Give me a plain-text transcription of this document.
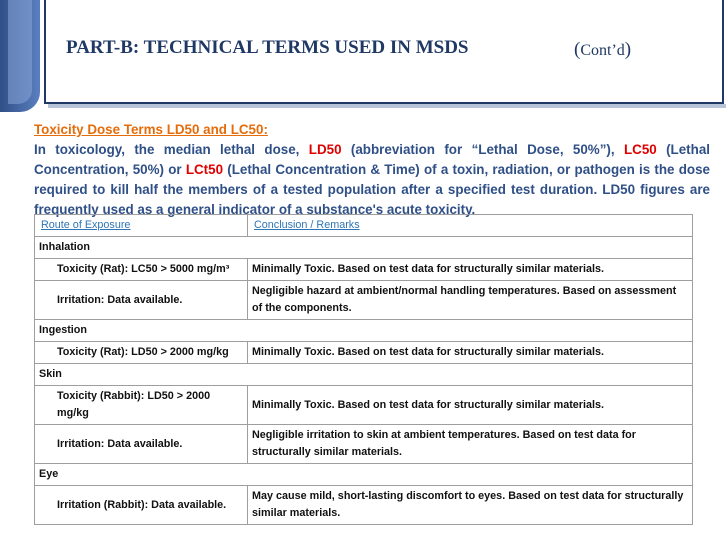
PART-B: TECHNICAL TERMS USED IN MSDS	(Cont’d)
Toxicity Dose Terms LD50 and LC50:
In toxicology, the median lethal dose, LD50 (abbreviation for “Lethal Dose, 50%”), LC50 (Lethal Concentration, 50%) or LCt50 (Lethal Concentration & Time) of a toxin, radiation, or pathogen is the dose required to kill half the members of a tested population after a specified test duration. LD50 figures are frequently used as a general indicator of a substance's acute toxicity.
Route of Exposure	Conclusion / Remarks
Inhalation	
Toxicity (Rat): LC50 > 5000 mg/m³	Minimally Toxic. Based on test data for structurally similar materials.
Irritation: Data available.	Negligible hazard at ambient/normal handling temperatures. Based on assessment of the components.
Ingestion	
Toxicity (Rat): LD50 > 2000 mg/kg	Minimally Toxic. Based on test data for structurally similar materials.
Skin	
Toxicity (Rabbit): LD50 > 2000 mg/kg	Minimally Toxic. Based on test data for structurally similar materials.
Irritation: Data available.	Negligible irritation to skin at ambient temperatures. Based on test data for structurally similar materials.
Eye	
Irritation (Rabbit): Data available.	May cause mild, short-lasting discomfort to eyes. Based on test data for structurally similar materials.
